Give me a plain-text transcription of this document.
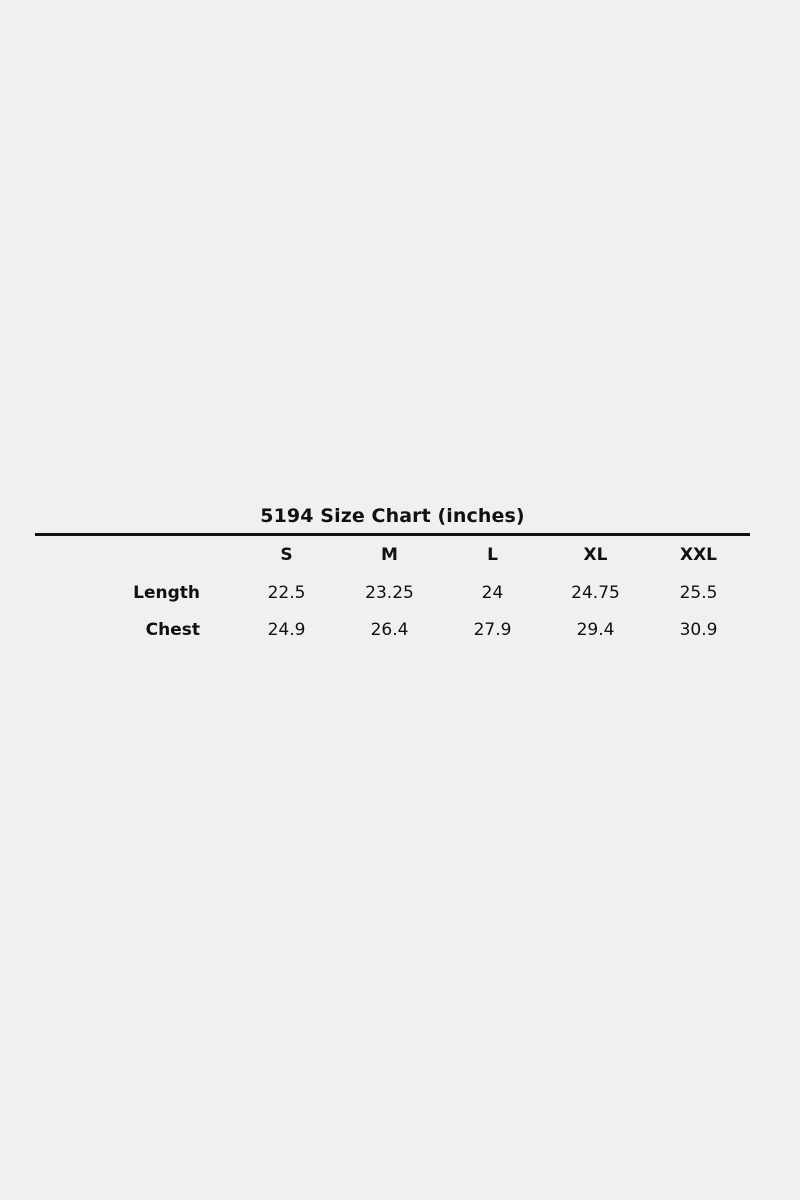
5194 Size Chart (inches)
	S	M	L	XL	XXL
Length	22.5	23.25	24	24.75	25.5
Chest	24.9	26.4	27.9	29.4	30.9
